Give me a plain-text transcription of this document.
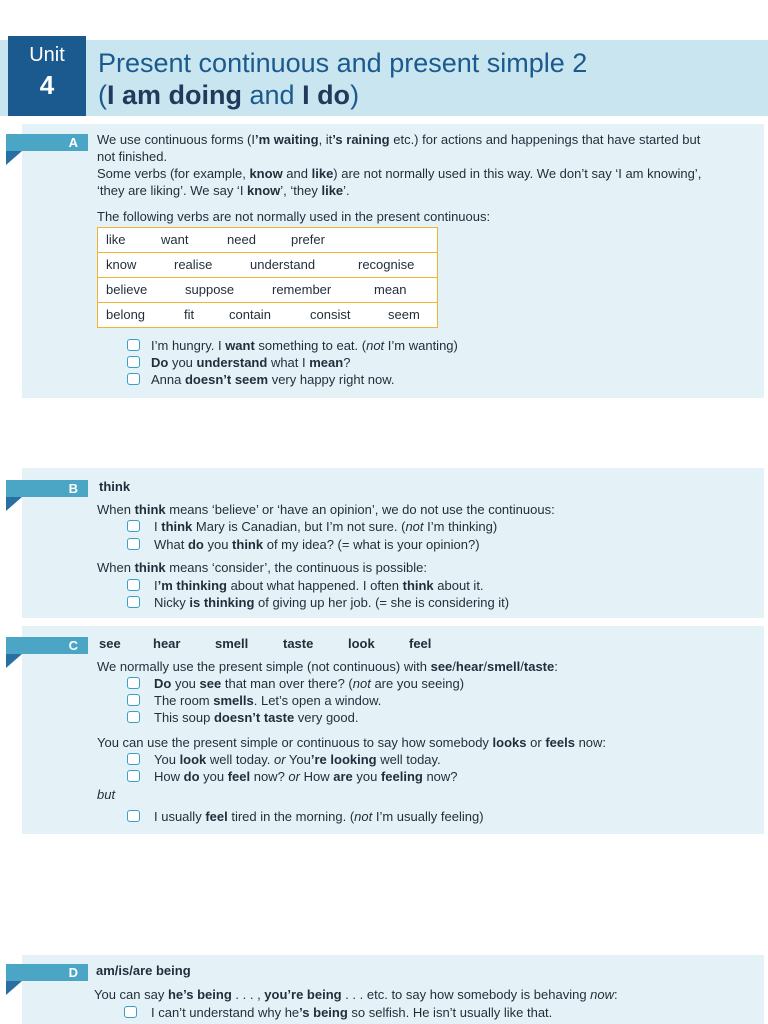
Unit
4
Present continuous and present simple 2
(I am doing and I do)
A We use continuous forms (I’m waiting, it’s raining etc.) for actions and happenings that have started but
not finished.
Some verbs (for example, know and like) are not normally used in this way. We don’t say ‘I am knowing’,
‘they are liking’. We say ‘I know’, ‘they like’.
The following verbs are not normally used in the present continuous:
like	want	need	prefer
know	realise	understand	recognise
believe	suppose	remember	mean
belong	fit	contain	consist	seem
I’m hungry. I want something to eat. (not I’m wanting)
Do you understand what I mean?
Anna doesn’t seem very happy right now.
B think
When think means ‘believe’ or ‘have an opinion’, we do not use the continuous:
I think Mary is Canadian, but I’m not sure. (not I’m thinking)
What do you think of my idea? (= what is your opinion?)
When think means ‘consider’, the continuous is possible:
I’m thinking about what happened. I often think about it.
Nicky is thinking of giving up her job. (= she is considering it)
C see hear	smell	taste	look	feel
We normally use the present simple (not continuous) with see/hear/smell/taste:
Do you see that man over there? (not are you seeing)
The room smells. Let’s open a window.
This soup doesn’t taste very good.
You can use the present simple or continuous to say how somebody looks or feels now:
You look well today. or You’re looking well today.
How do you feel now? or How are you feeling now?
but
I usually feel tired in the morning. (not I’m usually feeling)
D am/is/are being
You can say he’s being . . . , you’re being . . . etc. to say how somebody is behaving now:
I can’t understand why he’s being so selfish. He isn’t usually like that.
